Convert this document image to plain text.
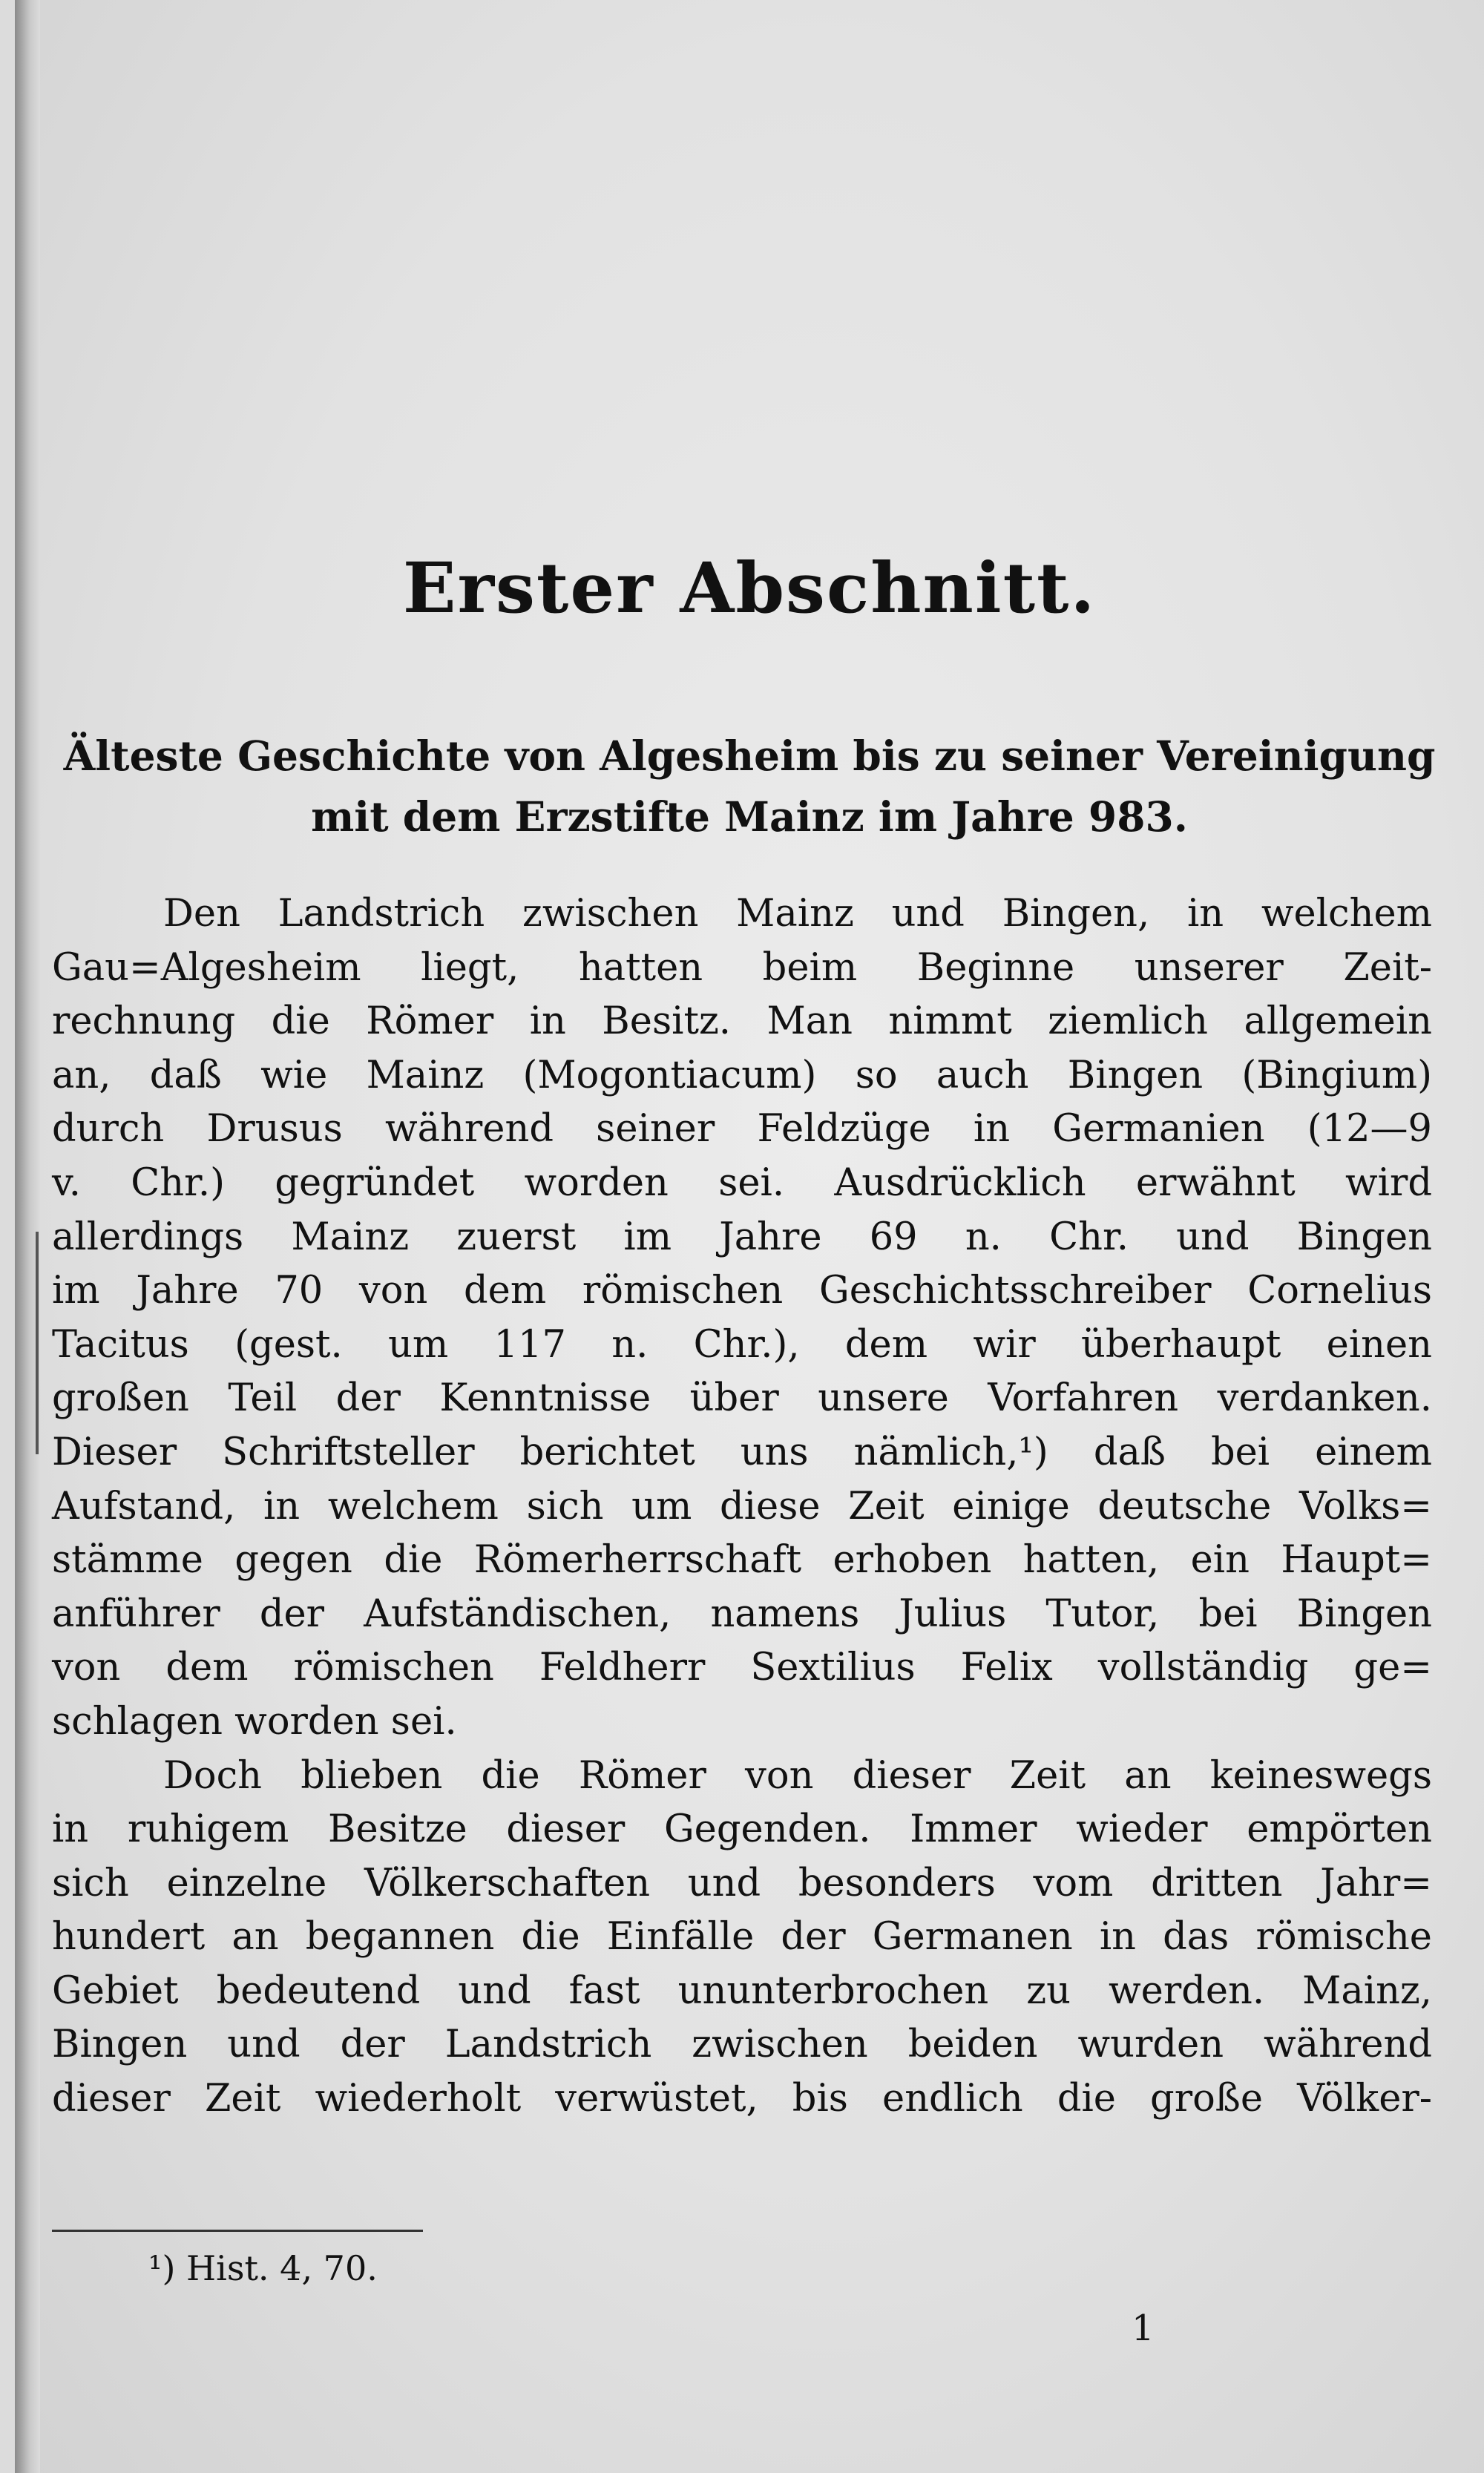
Erster Abschnitt.
Älteste Geschichte von Algesheim bis zu seiner Vereinigung
mit dem Erzstifte Mainz im Jahre 983.
Den Landstrich zwischen Mainz und Bingen, in welchem
Gau=Algesheim liegt, hatten beim Beginne unserer Zeit-
rechnung die Römer in Besitz. Man nimmt ziemlich allgemein
an, daß wie Mainz (Mogontiacum) so auch Bingen (Bingium)
durch Drusus während seiner Feldzüge in Germanien (12—9
v. Chr.) gegründet worden sei. Ausdrücklich erwähnt wird
allerdings Mainz zuerst im Jahre 69 n. Chr. und Bingen
im Jahre 70 von dem römischen Geschichtsschreiber Cornelius
Tacitus (gest. um 117 n. Chr.), dem wir überhaupt einen
großen Teil der Kenntnisse über unsere Vorfahren verdanken.
Dieser Schriftsteller berichtet uns nämlich,¹) daß bei einem
Aufstand, in welchem sich um diese Zeit einige deutsche Volks=
stämme gegen die Römerherrschaft erhoben hatten, ein Haupt=
anführer der Aufständischen, namens Julius Tutor, bei Bingen
von dem römischen Feldherr Sextilius Felix vollständig ge=
schlagen worden sei.
Doch blieben die Römer von dieser Zeit an keineswegs
in ruhigem Besitze dieser Gegenden. Immer wieder empörten
sich einzelne Völkerschaften und besonders vom dritten Jahr=
hundert an begannen die Einfälle der Germanen in das römische
Gebiet bedeutend und fast ununterbrochen zu werden. Mainz,
Bingen und der Landstrich zwischen beiden wurden während
dieser Zeit wiederholt verwüstet, bis endlich die große Völker-
¹) Hist. 4, 70.
1
